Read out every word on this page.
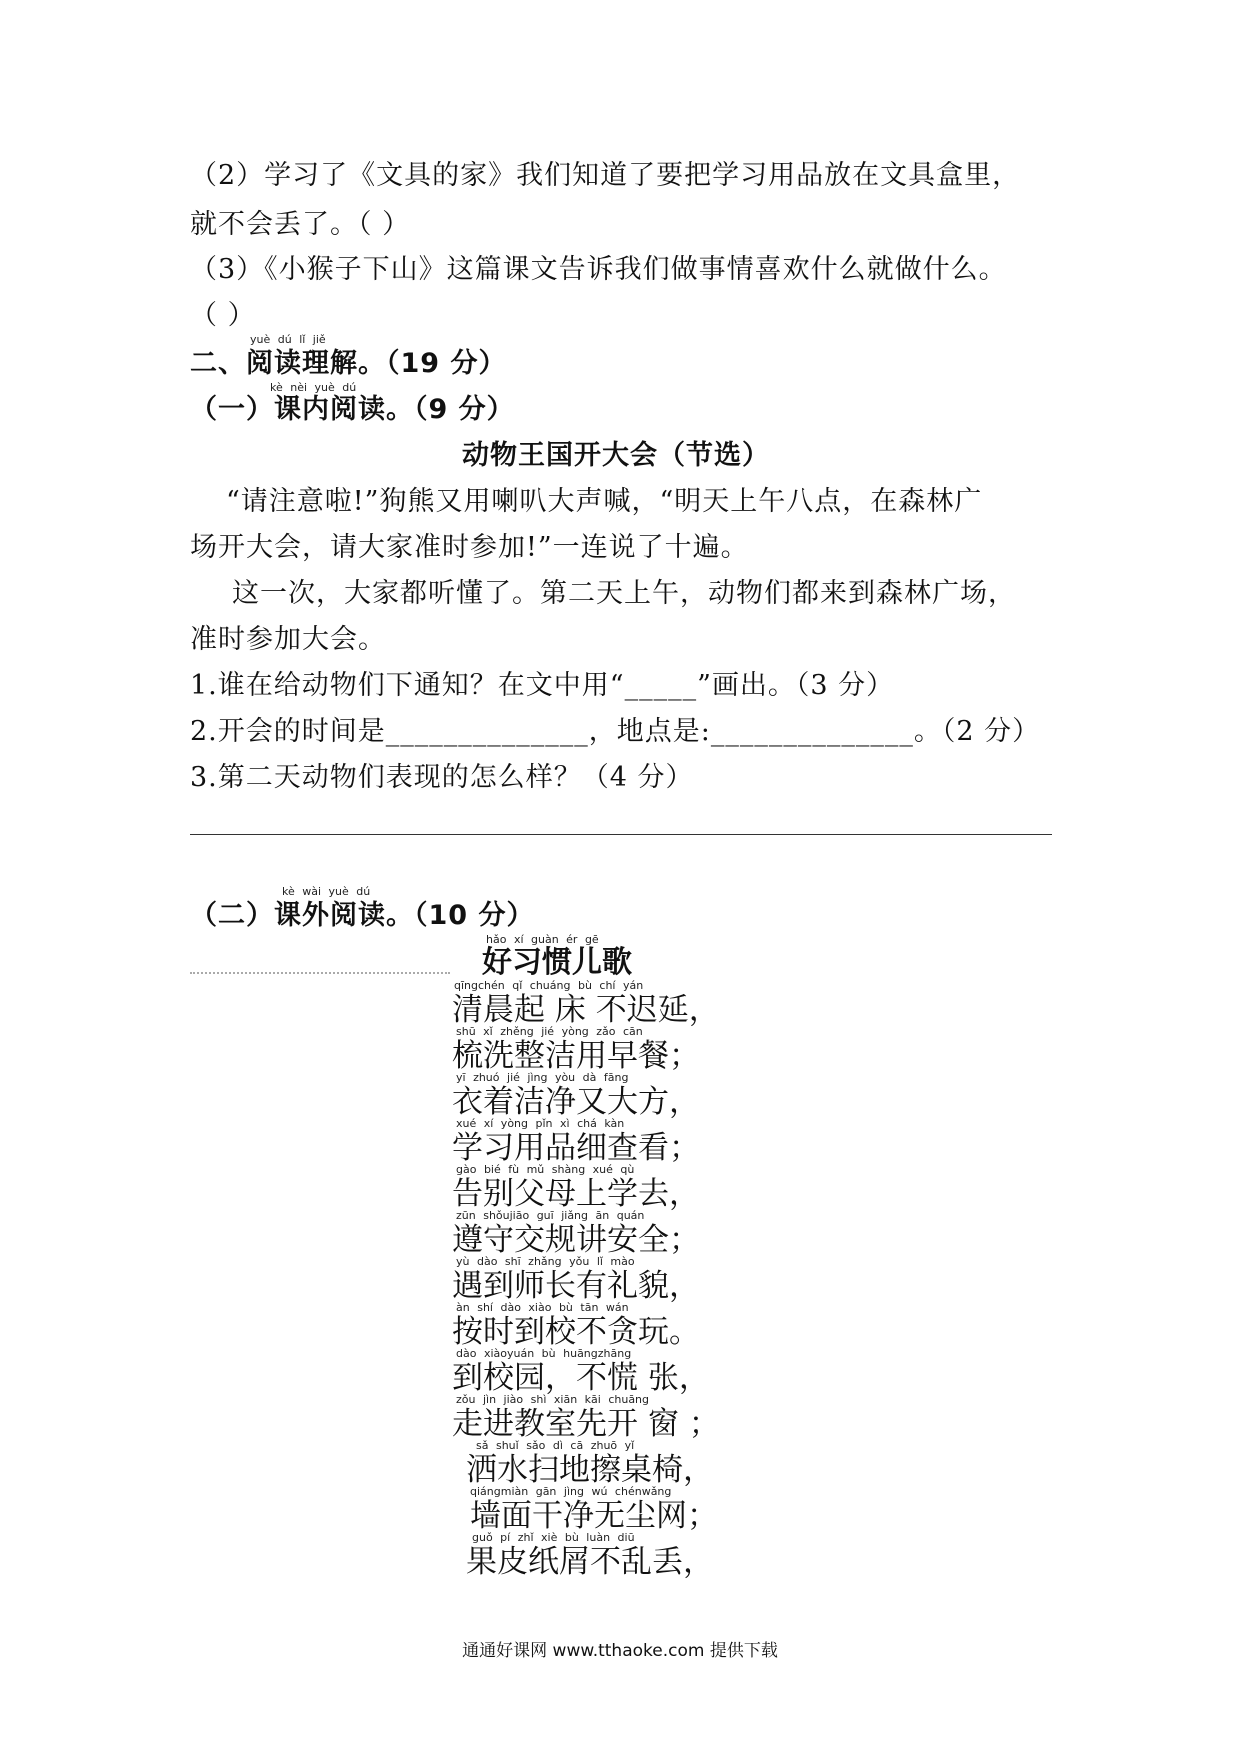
（2）学习了《文具的家》我们知道了要把学习用品放在文具盒里，
就不会丢了。（ ）
（3）《小猴子下山》这篇课文告诉我们做事情喜欢什么就做什么。
（ ）
yuè dú lǐ jiě
二、阅读理解。（19 分）
kè nèi yuè dú
（一）课内阅读。（9 分）
动物王国开大会（节选）
“请注意啦!”狗熊又用喇叭大声喊，“明天上午八点，在森林广
场开大会，请大家准时参加!”一连说了十遍。
这一次，大家都听懂了。第二天上午，动物们都来到森林广场，
准时参加大会。
1.谁在给动物们下通知？在文中用“_____”画出。（3 分）
2.开会的时间是______________，地点是:______________。（2 分）
3.第二天动物们表现的怎么样？（4 分）
kè wài yuè dú
（二）课外阅读。（10 分）
hǎo xí guàn ér gē
好习惯儿歌
qīngchén qǐ chuáng bù chí yán
清晨起 床 不迟延，
shū xǐ zhěng jié yòng zǎo cān
梳洗整洁用早餐；
yī zhuó jié jìng yòu dà fāng
衣着洁净又大方，
xué xí yòng pǐn xì chá kàn
学习用品细查看；
gào bié fù mǔ shàng xué qù
告别父母上学去，
zūn shǒujiāo guī jiǎng ān quán
遵守交规讲安全；
yù dào shī zhǎng yǒu lǐ mào
遇到师长有礼貌，
àn shí dào xiào bù tān wán
按时到校不贪玩。
dào xiàoyuán bù huāngzhāng
到校园，不慌 张，
zǒu jìn jiào shì xiān kāi chuāng
走进教室先开 窗 ；
sǎ shuǐ sǎo dì cā zhuō yǐ
洒水扫地擦桌椅，
qiángmiàn gān jìng wú chénwǎng
墙面干净无尘网；
guǒ pí zhǐ xiè bù luàn diū
果皮纸屑不乱丢，
通通好课网 www.tthaoke.com 提供下载
